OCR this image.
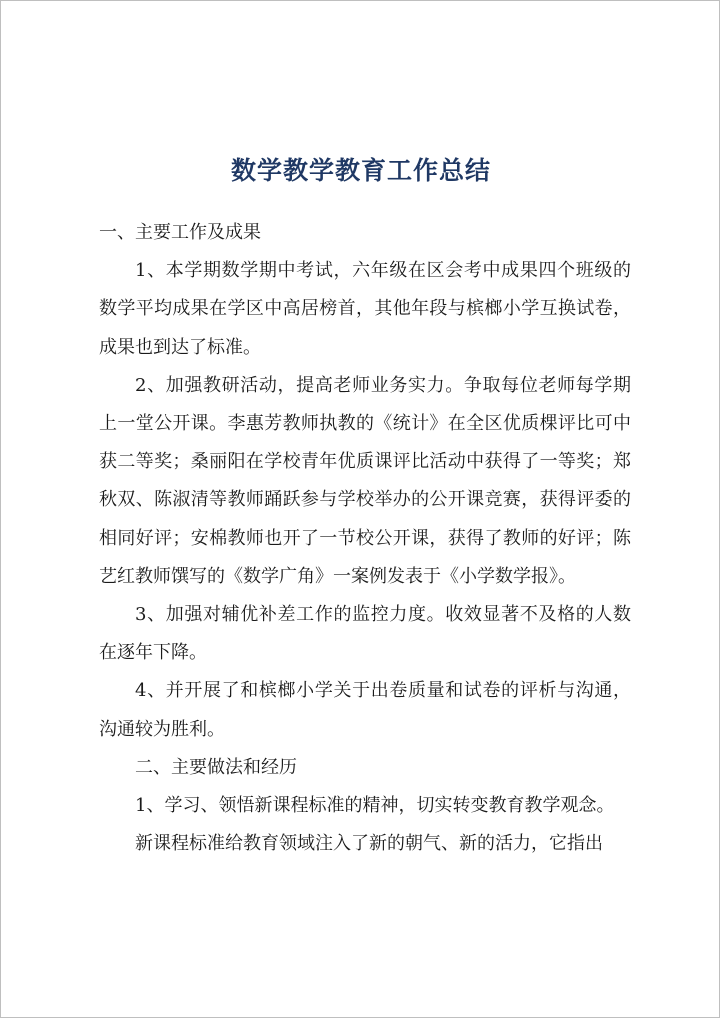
数学教学教育工作总结

一、主要工作及成果

1、本学期数学期中考试，六年级在区会考中成果四个班级的数学平均成果在学区中高居榜首，其他年段与槟榔小学互换试卷，成果也到达了标准。

2、加强教研活动，提高老师业务实力。争取每位老师每学期上一堂公开课。李惠芳教师执教的《统计》在全区优质棵评比可中获二等奖；桑丽阳在学校青年优质课评比活动中获得了一等奖；郑秋双、陈淑清等教师踊跃参与学校举办的公开课竞赛，获得评委的相同好评；安棉教师也开了一节校公开课，获得了教师的好评；陈艺红教师馔写的《数学广角》一案例发表于《小学数学报》。

3、加强对辅优补差工作的监控力度。收效显著不及格的人数在逐年下降。

4、并开展了和槟榔小学关于出卷质量和试卷的评析与沟通，沟通较为胜利。

二、主要做法和经历

1、学习、领悟新课程标准的精神，切实转变教育教学观念。

新课程标准给教育领域注入了新的朝气、新的活力，它指出
